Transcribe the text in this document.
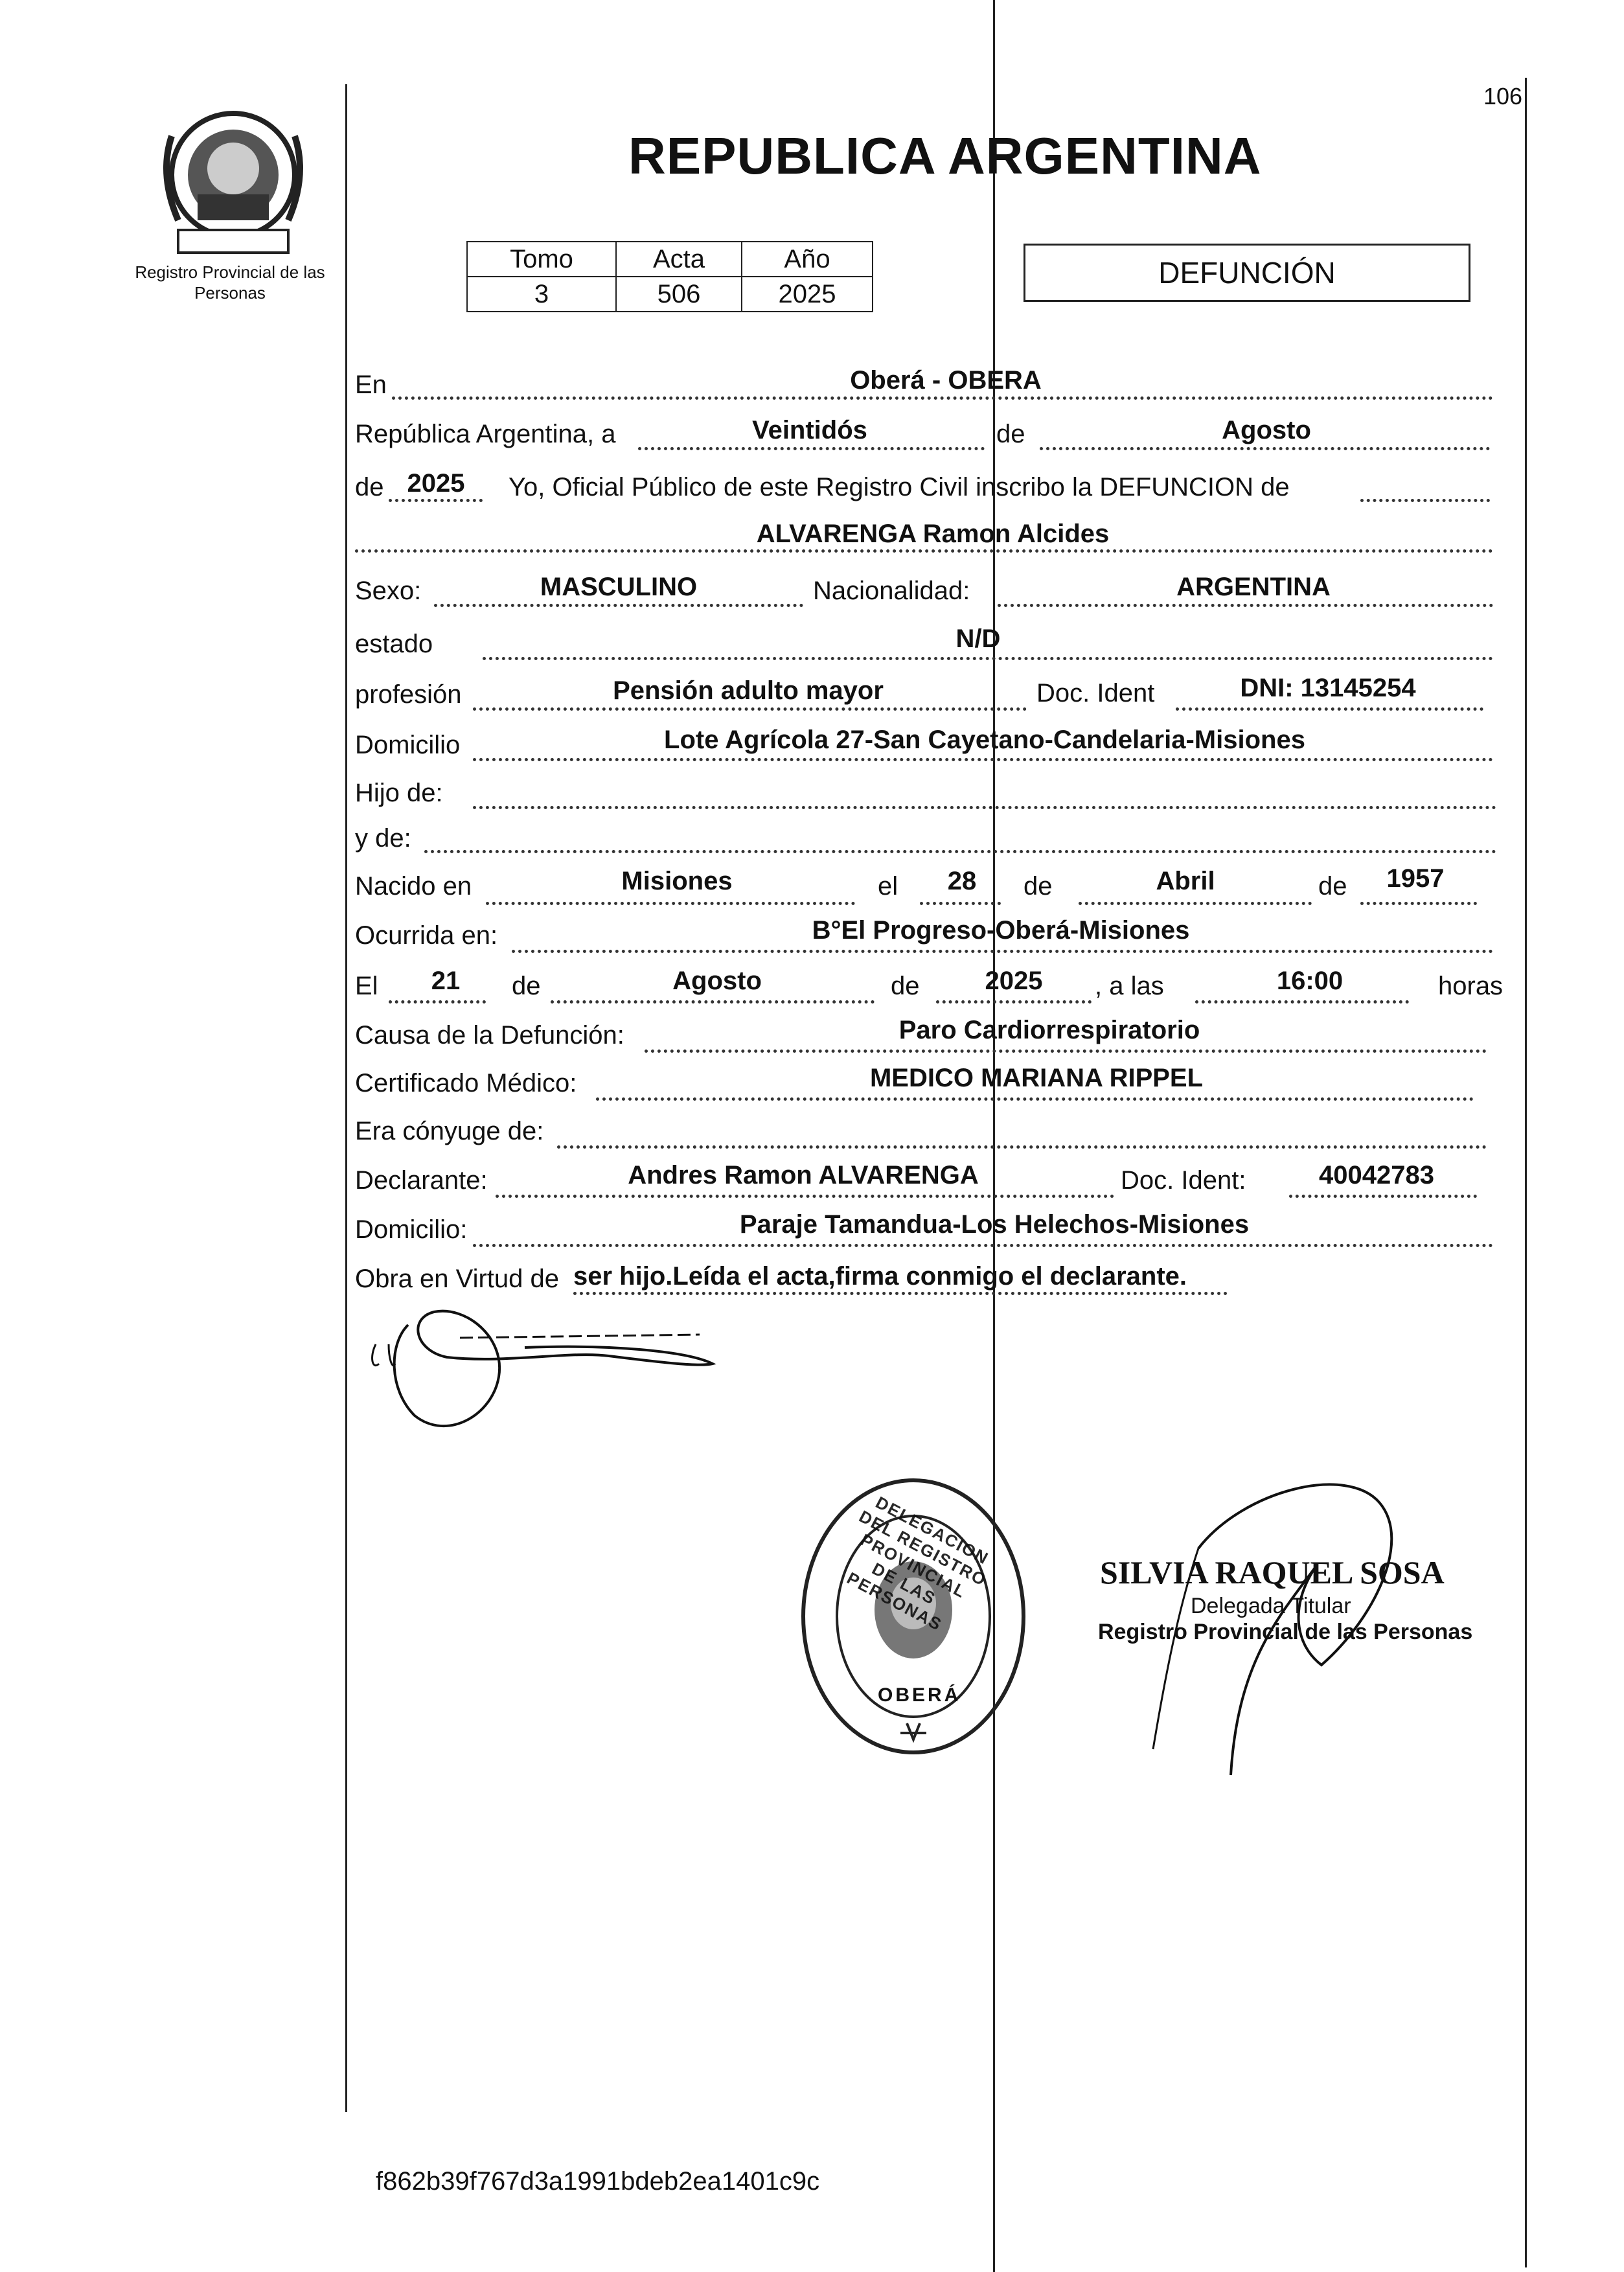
Registro Provincial de las Personas
106
REPUBLICA ARGENTINA
Tomo	Acta	Año
3	506	2025
DEFUNCIÓN
En	Oberá - OBERA
República Argentina, a	Veintidós	de	Agosto
de 2025 Yo, Oficial Público de este Registro Civil inscribo la DEFUNCION de
ALVARENGA Ramon Alcides
Sexo:	MASCULINO	Nacionalidad:	ARGENTINA
estado	N/D
profesión	Pensión adulto mayor	Doc. Ident	DNI: 13145254
Domicilio	Lote Agrícola 27-San Cayetano-Candelaria-Misiones
Hijo de:
y de:
Nacido en	Misiones	el 28 de	Abril	de 1957
Ocurrida en:	B°El Progreso-Oberá-Misiones
El 21 de	Agosto	de	2025 , a las	16:00	horas
Causa de la Defunción:	Paro Cardiorrespiratorio
Certificado Médico:	MEDICO MARIANA RIPPEL
Era cónyuge de:
Declarante:	Andres Ramon ALVARENGA	Doc. Ident:	40042783
Domicilio:	Paraje Tamandua-Los Helechos-Misiones
Obra en Virtud de ser hijo.Leída el acta,firma conmigo el declarante.
DELEGACION DEL REGISTRO PROVINCIAL DE LAS PERSONAS
OBERÁ
SILVIA RAQUEL SOSA
Delegada Titular
Registro Provincial de las Personas
f862b39f767d3a1991bdeb2ea1401c9c
